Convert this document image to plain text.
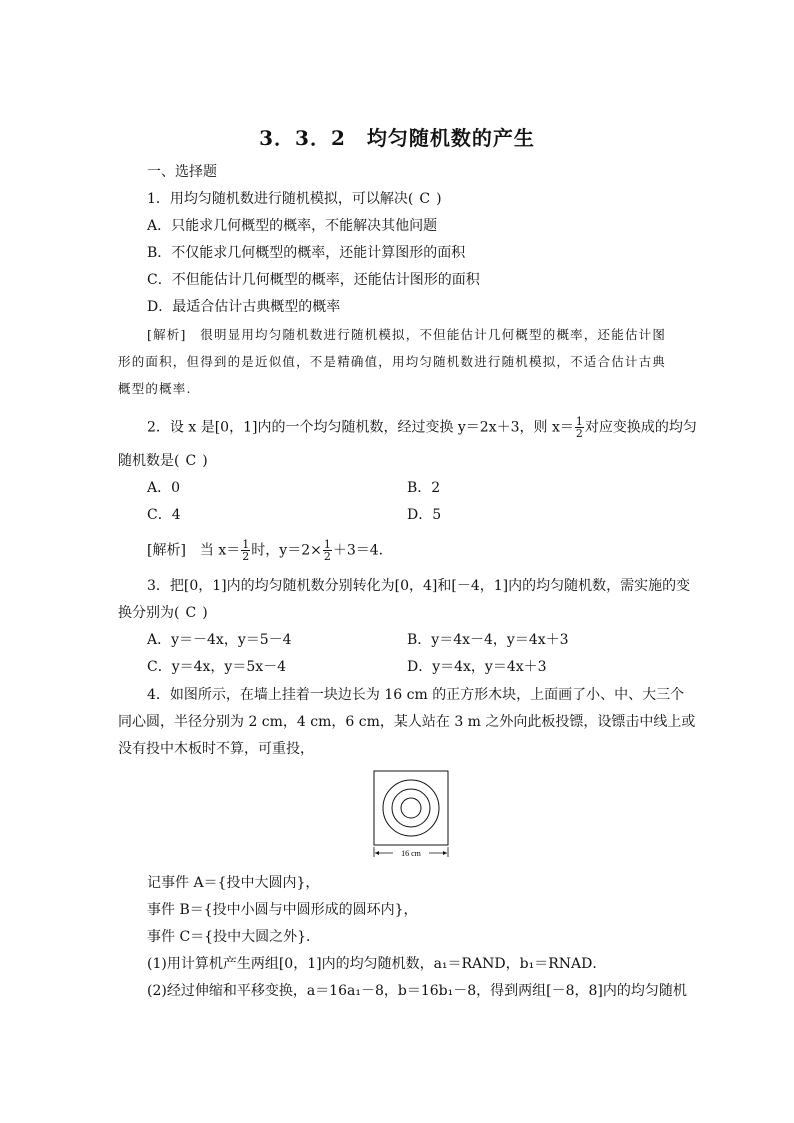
3．3．2　均匀随机数的产生
一、选择题
1．用均匀随机数进行随机模拟，可以解决( C )
A．只能求几何概型的概率，不能解决其他问题
B．不仅能求几何概型的概率，还能计算图形的面积
C．不但能估计几何概型的概率，还能估计图形的面积
D．最适合估计古典概型的概率
[解析]　很明显用均匀随机数进行随机模拟，不但能估计几何概型的概率，还能估计图
形的面积，但得到的是近似值，不是精确值，用均匀随机数进行随机模拟，不适合估计古典
概型的概率.
2．设 x 是[0，1]内的一个均匀随机数，经过变换 y＝2x＋3，则 $x= \frac{1}{2}$ 对应变换成的均匀
随机数是( C )
A．0	B．2
C．4	D．5
[解析]　当 $x= \frac{1}{2}$ 时，$y=2\times \frac{1}{2} +3=4$.
3．把[0，1]内的均匀随机数分别转化为[0，4]和[－4，1]内的均匀随机数，需实施的变
换分别为( C )
A．y＝－4x，y＝5－4	B．y＝4x－4，y＝4x＋3
C．y＝4x，y＝5x－4	D．y＝4x，y＝4x＋3
4．如图所示，在墙上挂着一块边长为 16 cm 的正方形木块，上面画了小、中、大三个
同心圆，半径分别为 2 cm，4 cm，6 cm，某人站在 3 m 之外向此板投镖，设镖击中线上或
没有投中木板时不算，可重投，
16 cm
记事件 A＝{投中大圆内}，
事件 B＝{投中小圆与中圆形成的圆环内}，
事件 C＝{投中大圆之外}．
(1)用计算机产生两组[0，1]内的均匀随机数，a₁＝RAND，b₁＝RNAD．
(2)经过伸缩和平移变换，a＝16a₁－8，b＝16b₁－8，得到两组[－8，8]内的均匀随机
